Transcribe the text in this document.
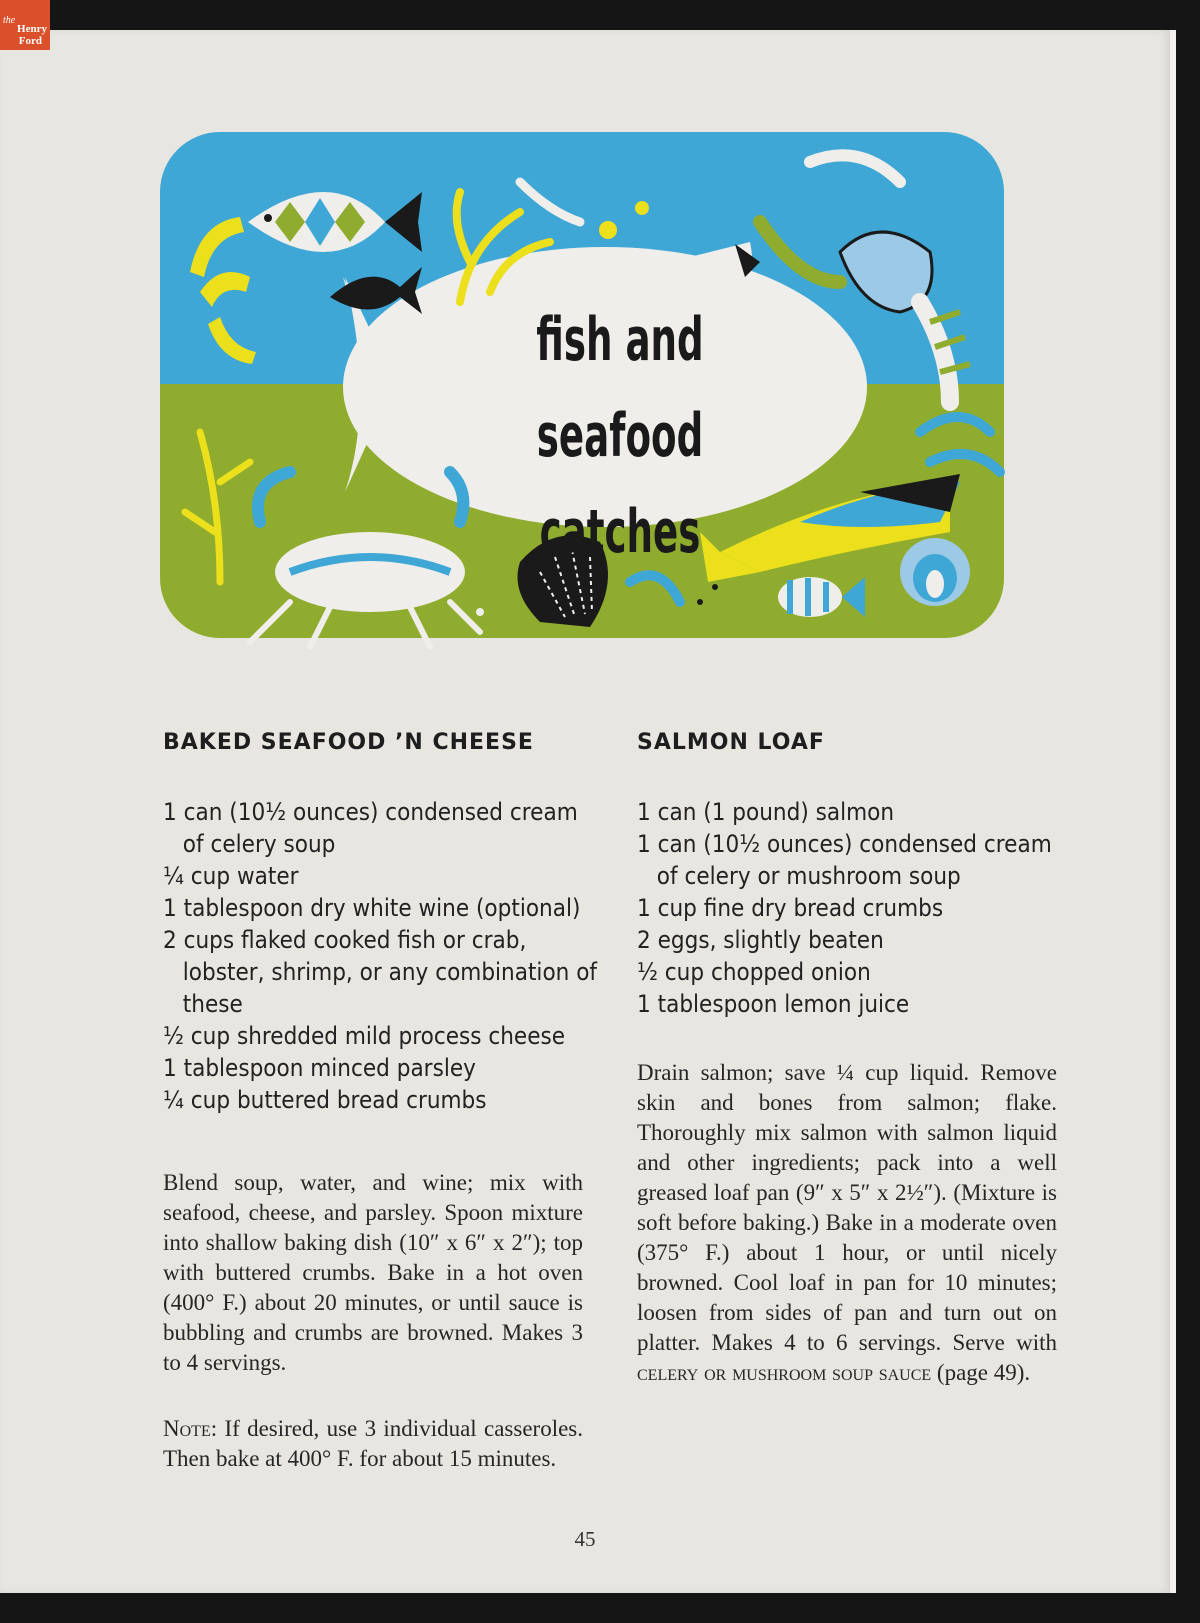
fish and
seafood catches
BAKED SEAFOOD ’N CHEESE
1 can (10½ ounces) condensed cream of celery soup
¼ cup water
1 tablespoon dry white wine (optional)
2 cups flaked cooked fish or crab, lobster, shrimp, or any combination of these
½ cup shredded mild process cheese
1 tablespoon minced parsley
¼ cup buttered bread crumbs

Blend soup, water, and wine; mix with seafood, cheese, and parsley. Spoon mixture into shallow baking dish (10″ x 6″ x 2″); top with buttered crumbs. Bake in a hot oven (400° F.) about 20 minutes, or until sauce is bubbling and crumbs are browned. Makes 3 to 4 servings.

Note: If desired, use 3 individual casseroles. Then bake at 400° F. for about 15 minutes.

SALMON LOAF
1 can (1 pound) salmon
1 can (10½ ounces) condensed cream of celery or mushroom soup
1 cup fine dry bread crumbs
2 eggs, slightly beaten
½ cup chopped onion
1 tablespoon lemon juice

Drain salmon; save ¼ cup liquid. Remove skin and bones from salmon; flake. Thoroughly mix salmon with salmon liquid and other ingredients; pack into a well greased loaf pan (9″ x 5″ x 2½″). (Mixture is soft before baking.) Bake in a moderate oven (375° F.) about 1 hour, or until nicely browned. Cool loaf in pan for 10 minutes; loosen from sides of pan and turn out on platter. Makes 4 to 6 servings. Serve with celery or mushroom soup sauce (page 49).

45
the
Henry
Ford
